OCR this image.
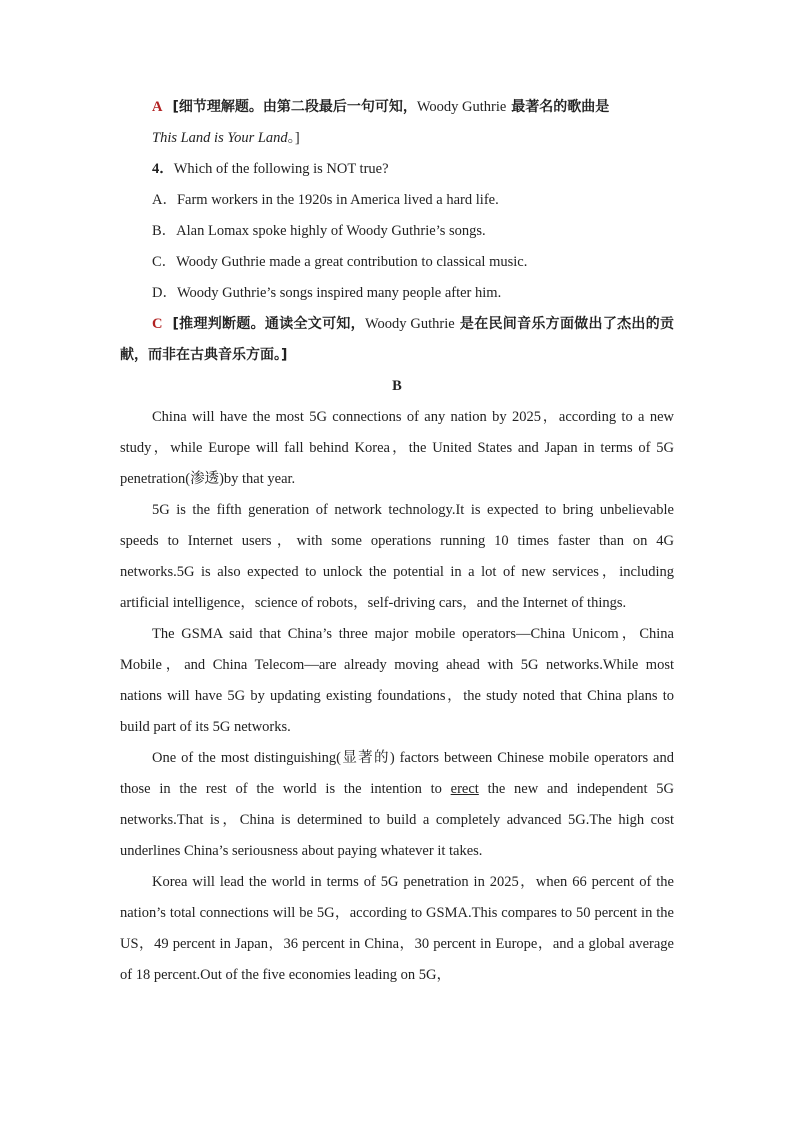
A [细节理解题。由第二段最后一句可知，Woody Guthrie 最著名的歌曲是
This Land is Your Land。]

4．Which of the following is NOT true?

A．Farm workers in the 1920s in America lived a hard life.

B．Alan Lomax spoke highly of Woody Guthrie’s songs.

C．Woody Guthrie made a great contribution to classical music.

D．Woody Guthrie’s songs inspired many people after him.

C [推理判断题。通读全文可知，Woody Guthrie 是在民间音乐方面做出了杰出的贡献，而非在古典音乐方面。]

B

China will have the most 5G connections of any nation by 2025，according to a new study，while Europe will fall behind Korea，the United States and Japan in terms of 5G penetration(渗透)by that year.

5G is the fifth generation of network technology.It is expected to bring unbelievable speeds to Internet users，with some operations running 10 times faster than on 4G networks.5G is also expected to unlock the potential in a lot of new services，including artificial intelligence，science of robots，self-driving cars，and the Internet of things.

The GSMA said that China’s three major mobile operators—China Unicom，China Mobile，and China Telecom—are already moving ahead with 5G networks.While most nations will have 5G by updating existing foundations，the study noted that China plans to build part of its 5G networks.

One of the most distinguishing(显著的) factors between Chinese mobile operators and those in the rest of the world is the intention to erect the new and independent 5G networks.That is，China is determined to build a completely advanced 5G.The high cost underlines China’s seriousness about paying whatever it takes.

Korea will lead the world in terms of 5G penetration in 2025，when 66 percent of the nation’s total connections will be 5G，according to GSMA.This compares to 50 percent in the US，49 percent in Japan，36 percent in China，30 percent in Europe，and a global average of 18 percent.Out of the five economies leading on 5G，
